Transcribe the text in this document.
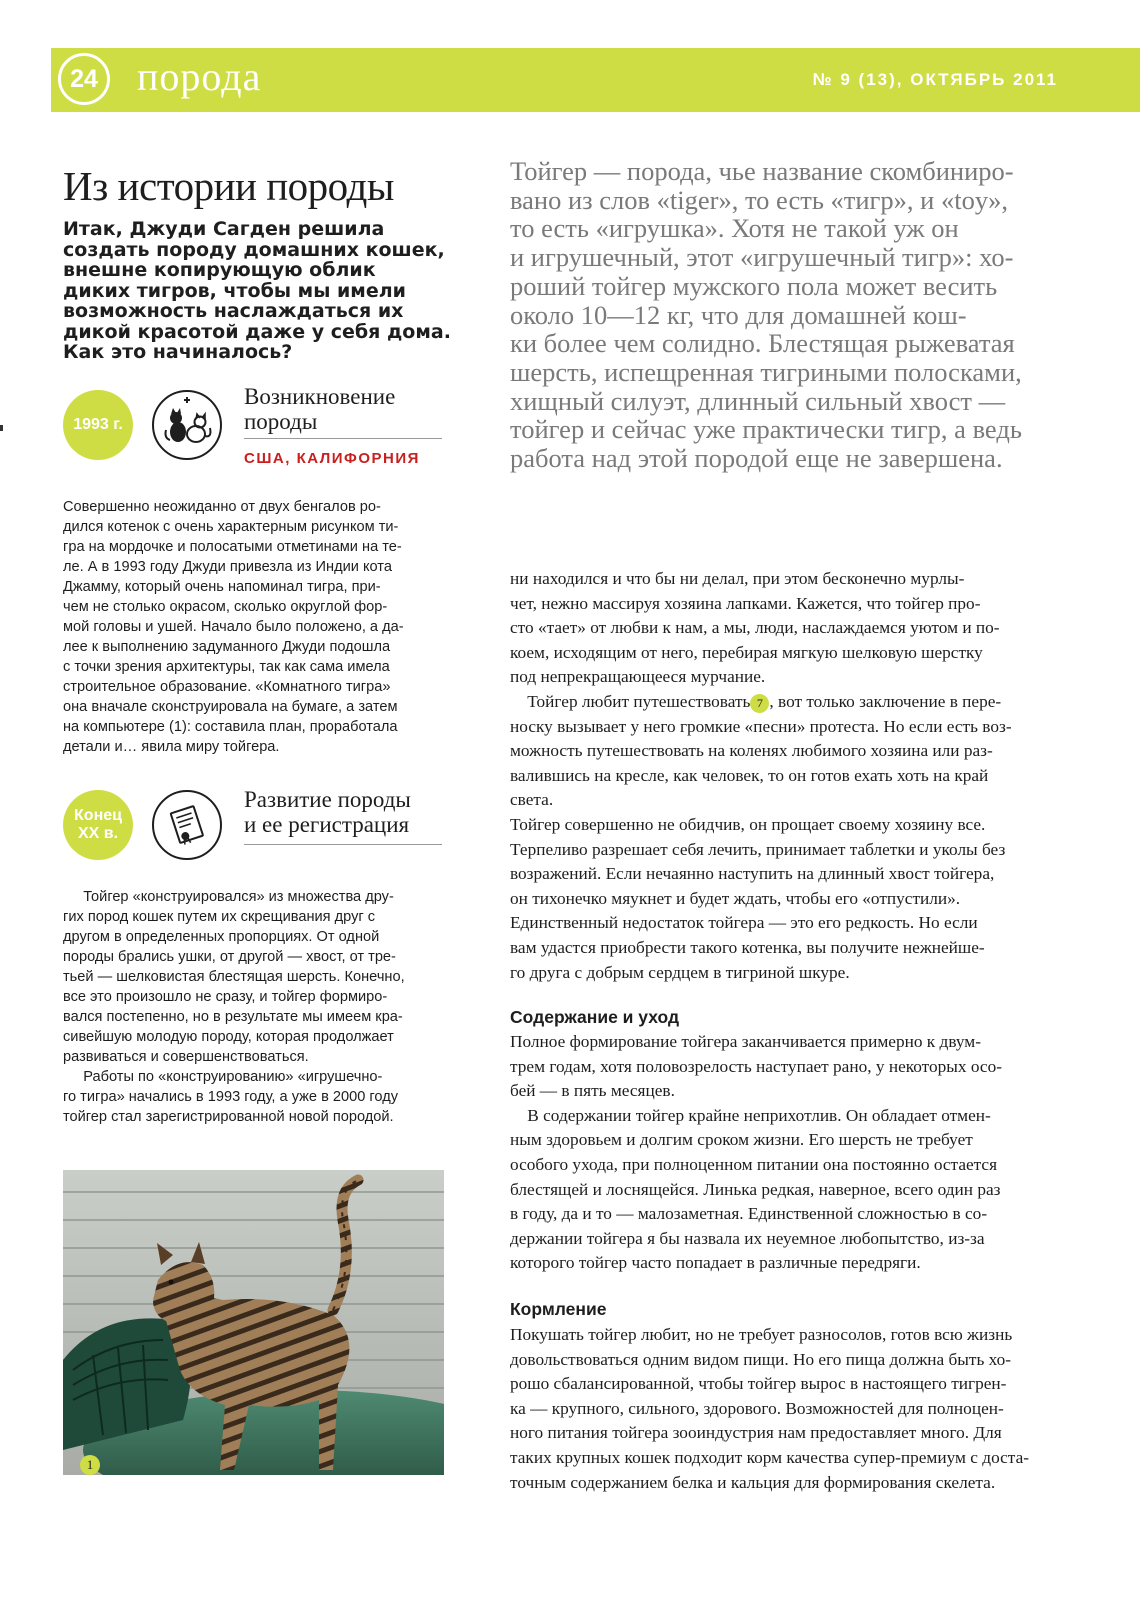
24 порода	№ 9 (13), ОКТЯБРЬ 2011
Из истории породы
Итак, Джуди Сагден решила
создать породу домашних кошек,
внешне копирующую облик
диких тигров, чтобы мы имели
возможность наслаждаться их
дикой красотой даже у себя дома.
Как это начиналось?
1993 г.
Возникновение
породы
США, КАЛИФОРНИЯ
Совершенно неожиданно от двух бенгалов ро-
дился котенок с очень характерным рисунком ти-
гра на мордочке и полосатыми отметинами на те-
ле. А в 1993 году Джуди привезла из Индии кота
Джамму, который очень напоминал тигра, при-
чем не столько окрасом, сколько округлой фор-
мой головы и ушей. Начало было положено, а да-
лее к выполнению задуманного Джуди подошла
с точки зрения архитектуры, так как сама имела
строительное образование. «Комнатного тигра»
она вначале сконструировала на бумаге, а затем
на компьютере (1): составила план, проработала
детали и… явила миру тойгера.
Конец
XX в.
Развитие породы
и ее регистрация
Тойгер «конструировался» из множества дру-
гих пород кошек путем их скрещивания друг с
другом в определенных пропорциях. От одной
породы брались ушки, от другой — хвост, от тре-
тьей — шелковистая блестящая шерсть. Конечно,
все это произошло не сразу, и тойгер формиро-
вался постепенно, но в результате мы имеем кра-
сивейшую молодую породу, которая продолжает
развиваться и совершенствоваться.
Работы по «конструированию» «игрушечно-
го тигра» начались в 1993 году, а уже в 2000 году
тойгер стал зарегистрированной новой породой.
1
Тойгер — порода, чье название скомбиниро-
вано из слов «tiger», то есть «тигр», и «toy»,
то есть «игрушка». Хотя не такой уж он
и игрушечный, этот «игрушечный тигр»: хо-
роший тойгер мужского пола может весить
около 10—12 кг, что для домашней кош-
ки более чем солидно. Блестящая рыжеватая
шерсть, испещренная тигриными полосками,
хищный силуэт, длинный сильный хвост —
тойгер и сейчас уже практически тигр, а ведь
работа над этой породой еще не завершена.
ни находился и что бы ни делал, при этом бесконечно мурлы-
чет, нежно массируя хозяина лапками. Кажется, что тойгер про-
сто «тает» от любви к нам, а мы, люди, наслаждаемся уютом и по-
коем, исходящим от него, перебирая мягкую шелковую шерстку
под непрекращающееся мурчание.
Тойгер любит путешествовать 7 , вот только заключение в пере-
носку вызывает у него громкие «песни» протеста. Но если есть воз-
можность путешествовать на коленях любимого хозяина или раз-
валившись на кресле, как человек, то он готов ехать хоть на край
света.
Тойгер совершенно не обидчив, он прощает своему хозяину все.
Терпеливо разрешает себя лечить, принимает таблетки и уколы без
возражений. Если нечаянно наступить на длинный хвост тойгера,
он тихонечко мяукнет и будет ждать, чтобы его «отпустили».
Единственный недостаток тойгера — это его редкость. Но если
вам удастся приобрести такого котенка, вы получите нежнейше-
го друга с добрым сердцем в тигриной шкуре.
Содержание и уход
Полное формирование тойгера заканчивается примерно к двум-
трем годам, хотя половозрелость наступает рано, у некоторых осо-
бей — в пять месяцев.
В содержании тойгер крайне неприхотлив. Он обладает отмен-
ным здоровьем и долгим сроком жизни. Его шерсть не требует
особого ухода, при полноценном питании она постоянно остается
блестящей и лоснящейся. Линька редкая, наверное, всего один раз
в году, да и то — малозаметная. Единственной сложностью в со-
держании тойгера я бы назвала их неуемное любопытство, из-за
которого тойгер часто попадает в различные передряги.
Кормление
Покушать тойгер любит, но не требует разносолов, готов всю жизнь
довольствоваться одним видом пищи. Но его пища должна быть хо-
рошо сбалансированной, чтобы тойгер вырос в настоящего тигрен-
ка — крупного, сильного, здорового. Возможностей для полноцен-
ного питания тойгера зооиндустрия нам предоставляет много. Для
таких крупных кошек подходит корм качества супер-премиум с доста-
точным содержанием белка и кальция для формирования скелета.
